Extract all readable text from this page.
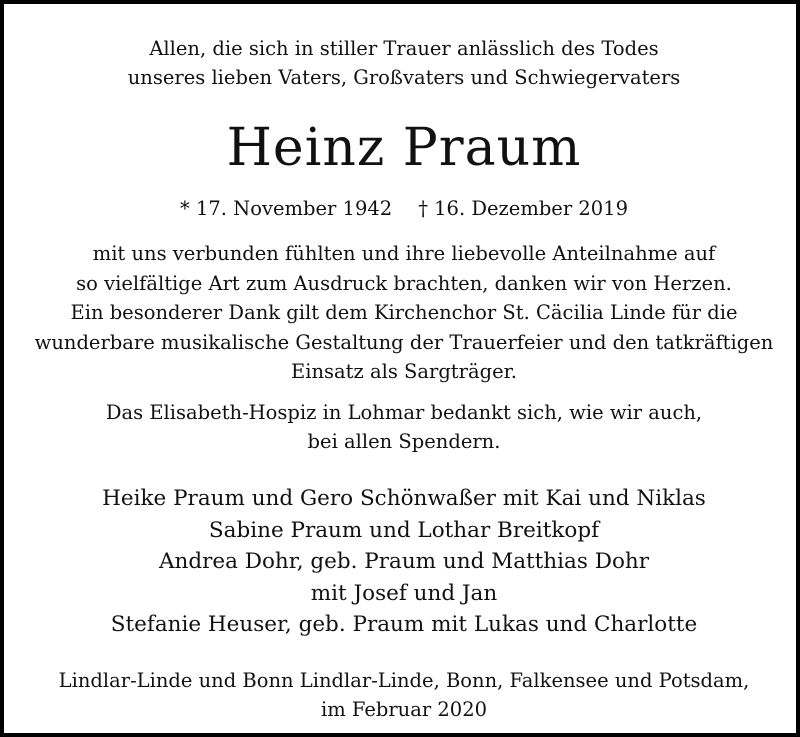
Allen, die sich in stiller Trauer anlässlich des Todes
unseres lieben Vaters, Großvaters und Schwiegervaters
Heinz Praum
* 17. November 1942 † 16. Dezember 2019
mit uns verbunden fühlten und ihre liebevolle Anteilnahme auf
so vielfältige Art zum Ausdruck brachten, danken wir von Herzen.
Ein besonderer Dank gilt dem Kirchenchor St. Cäcilia Linde für die
wunderbare musikalische Gestaltung der Trauerfeier und den tatkräftigen
Einsatz als Sargträger.
Das Elisabeth-Hospiz in Lohmar bedankt sich, wie wir auch,
bei allen Spendern.
Heike Praum und Gero Schönwaßer mit Kai und Niklas
Sabine Praum und Lothar Breitkopf
Andrea Dohr, geb. Praum und Matthias Dohr
mit Josef und Jan
Stefanie Heuser, geb. Praum mit Lukas und Charlotte
Lindlar-Linde und Bonn Lindlar-Linde, Bonn, Falkensee und Potsdam,
im Februar 2020
